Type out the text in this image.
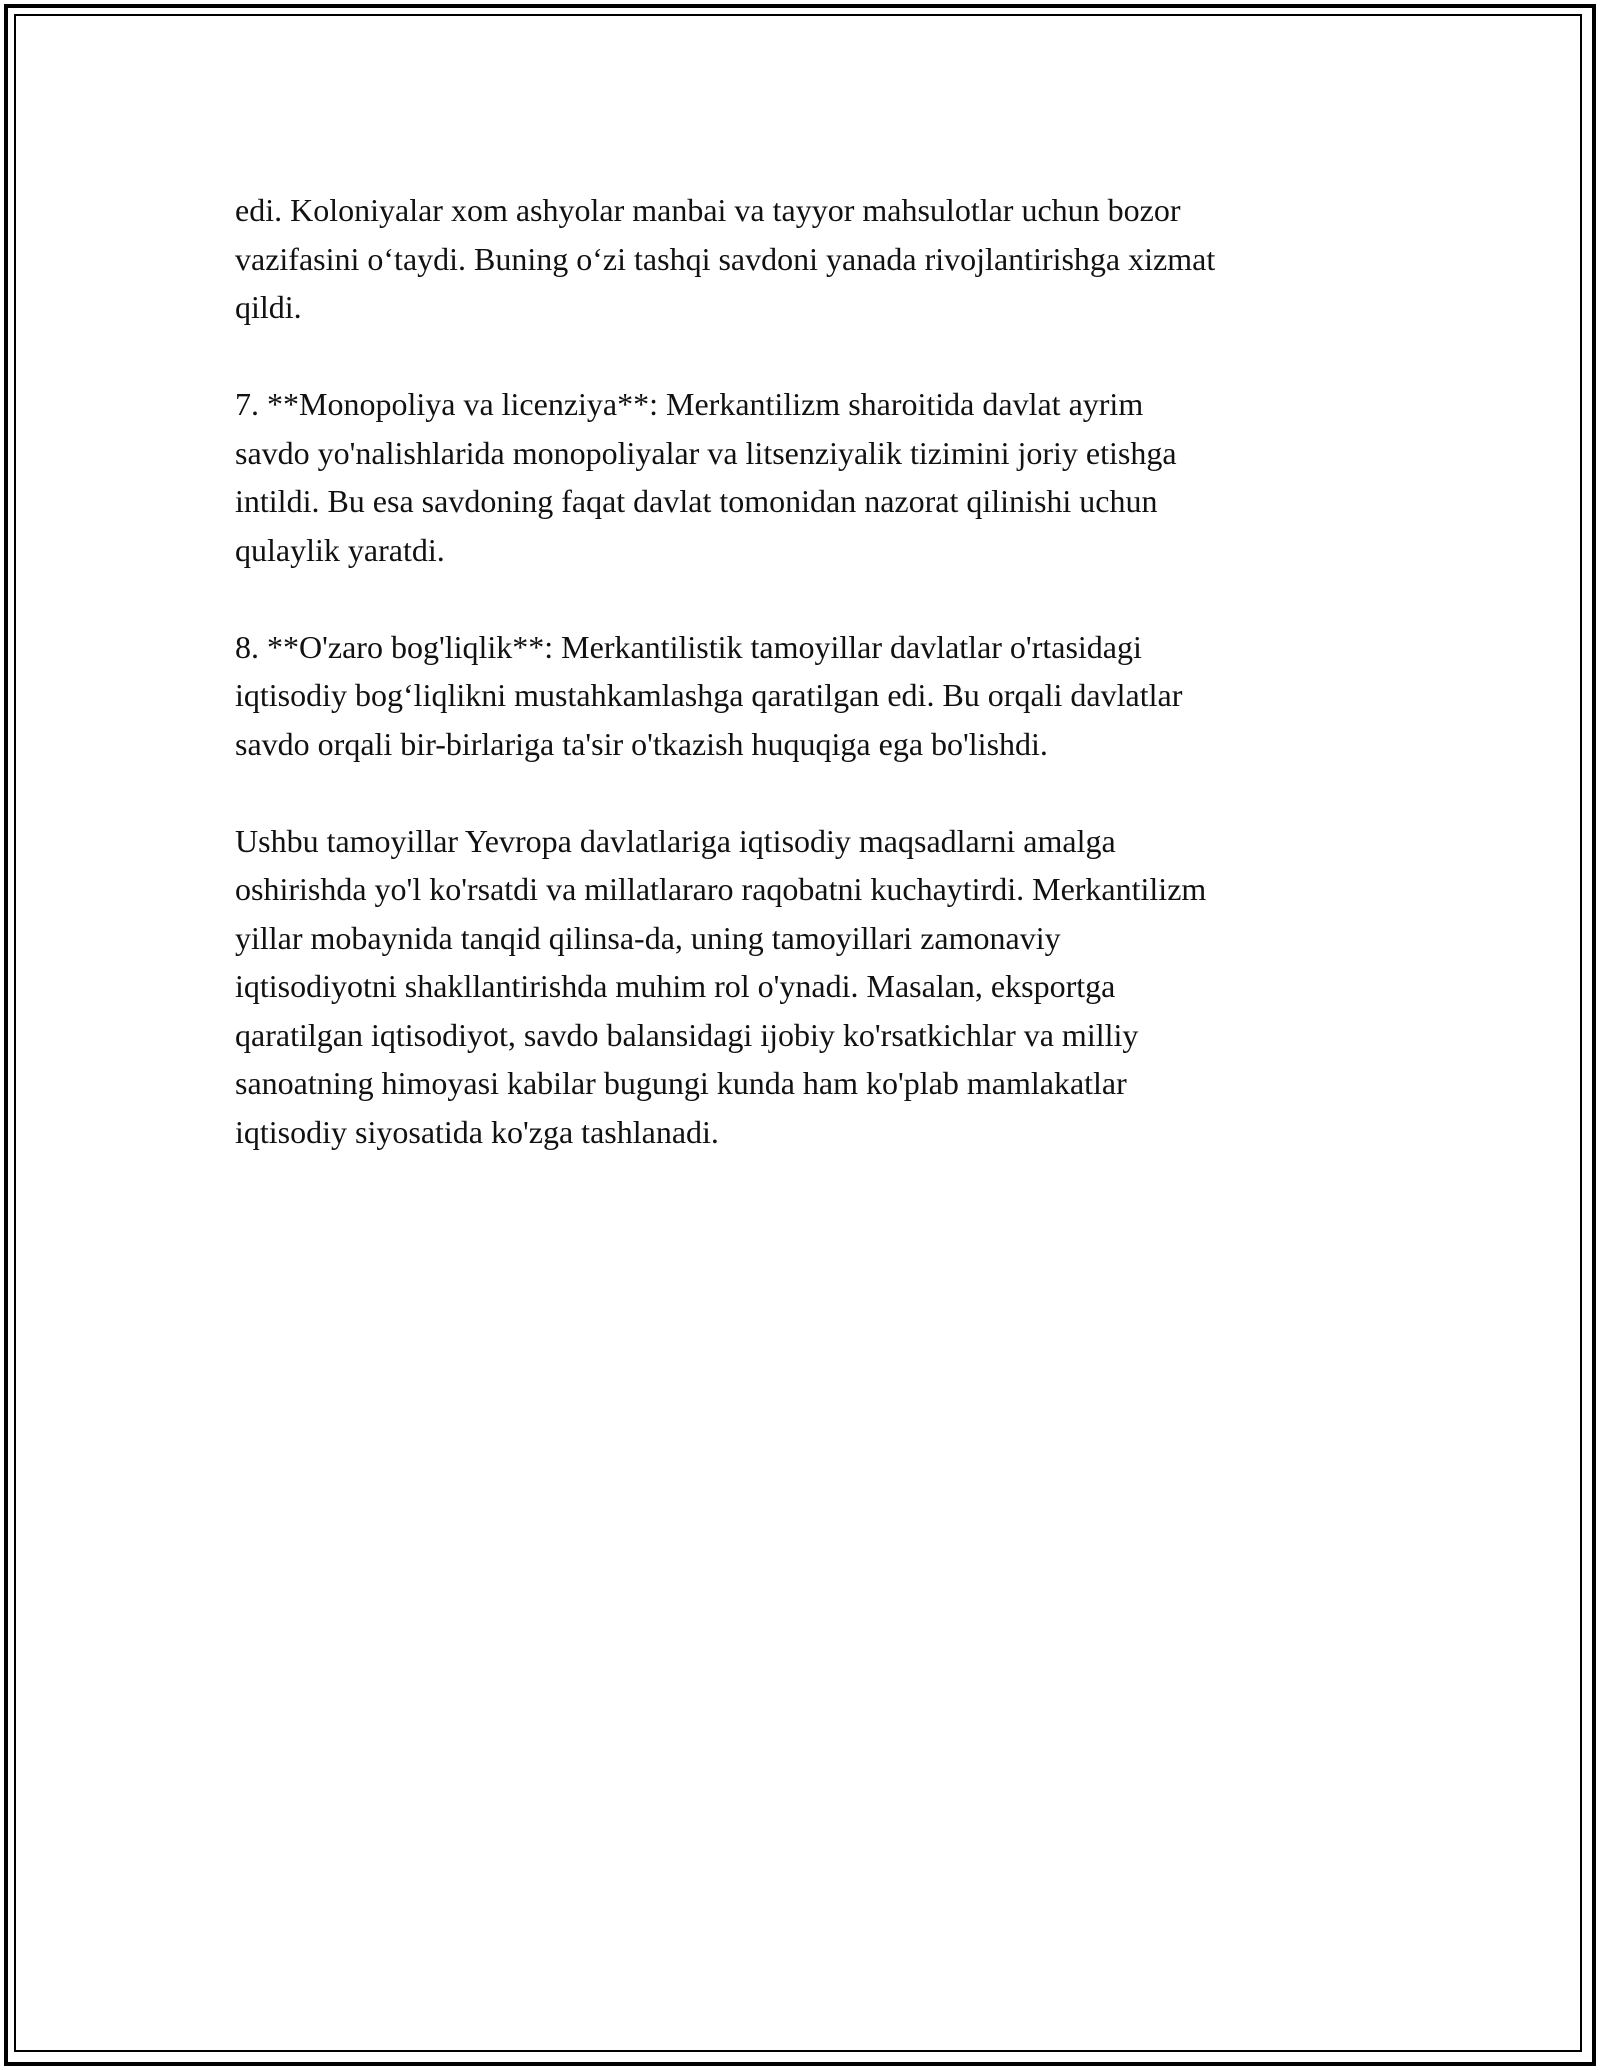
edi. Koloniyalar xom ashyolar manbai va tayyor mahsulotlar uchun bozor
vazifasini o‘taydi. Buning o‘zi tashqi savdoni yanada rivojlantirishga xizmat
qildi.

7. **Monopoliya va licenziya**: Merkantilizm sharoitida davlat ayrim
savdo yo'nalishlarida monopoliyalar va litsenziyalik tizimini joriy etishga
intildi. Bu esa savdoning faqat davlat tomonidan nazorat qilinishi uchun
qulaylik yaratdi.

8. **O'zaro bog'liqlik**: Merkantilistik tamoyillar davlatlar o'rtasidagi
iqtisodiy bog‘liqlikni mustahkamlashga qaratilgan edi. Bu orqali davlatlar
savdo orqali bir-birlariga ta'sir o'tkazish huquqiga ega bo'lishdi.

Ushbu tamoyillar Yevropa davlatlariga iqtisodiy maqsadlarni amalga
oshirishda yo'l ko'rsatdi va millatlararo raqobatni kuchaytirdi. Merkantilizm
yillar mobaynida tanqid qilinsa-da, uning tamoyillari zamonaviy
iqtisodiyotni shakllantirishda muhim rol o'ynadi. Masalan, eksportga
qaratilgan iqtisodiyot, savdo balansidagi ijobiy ko'rsatkichlar va milliy
sanoatning himoyasi kabilar bugungi kunda ham ko'plab mamlakatlar
iqtisodiy siyosatida ko'zga tashlanadi.
